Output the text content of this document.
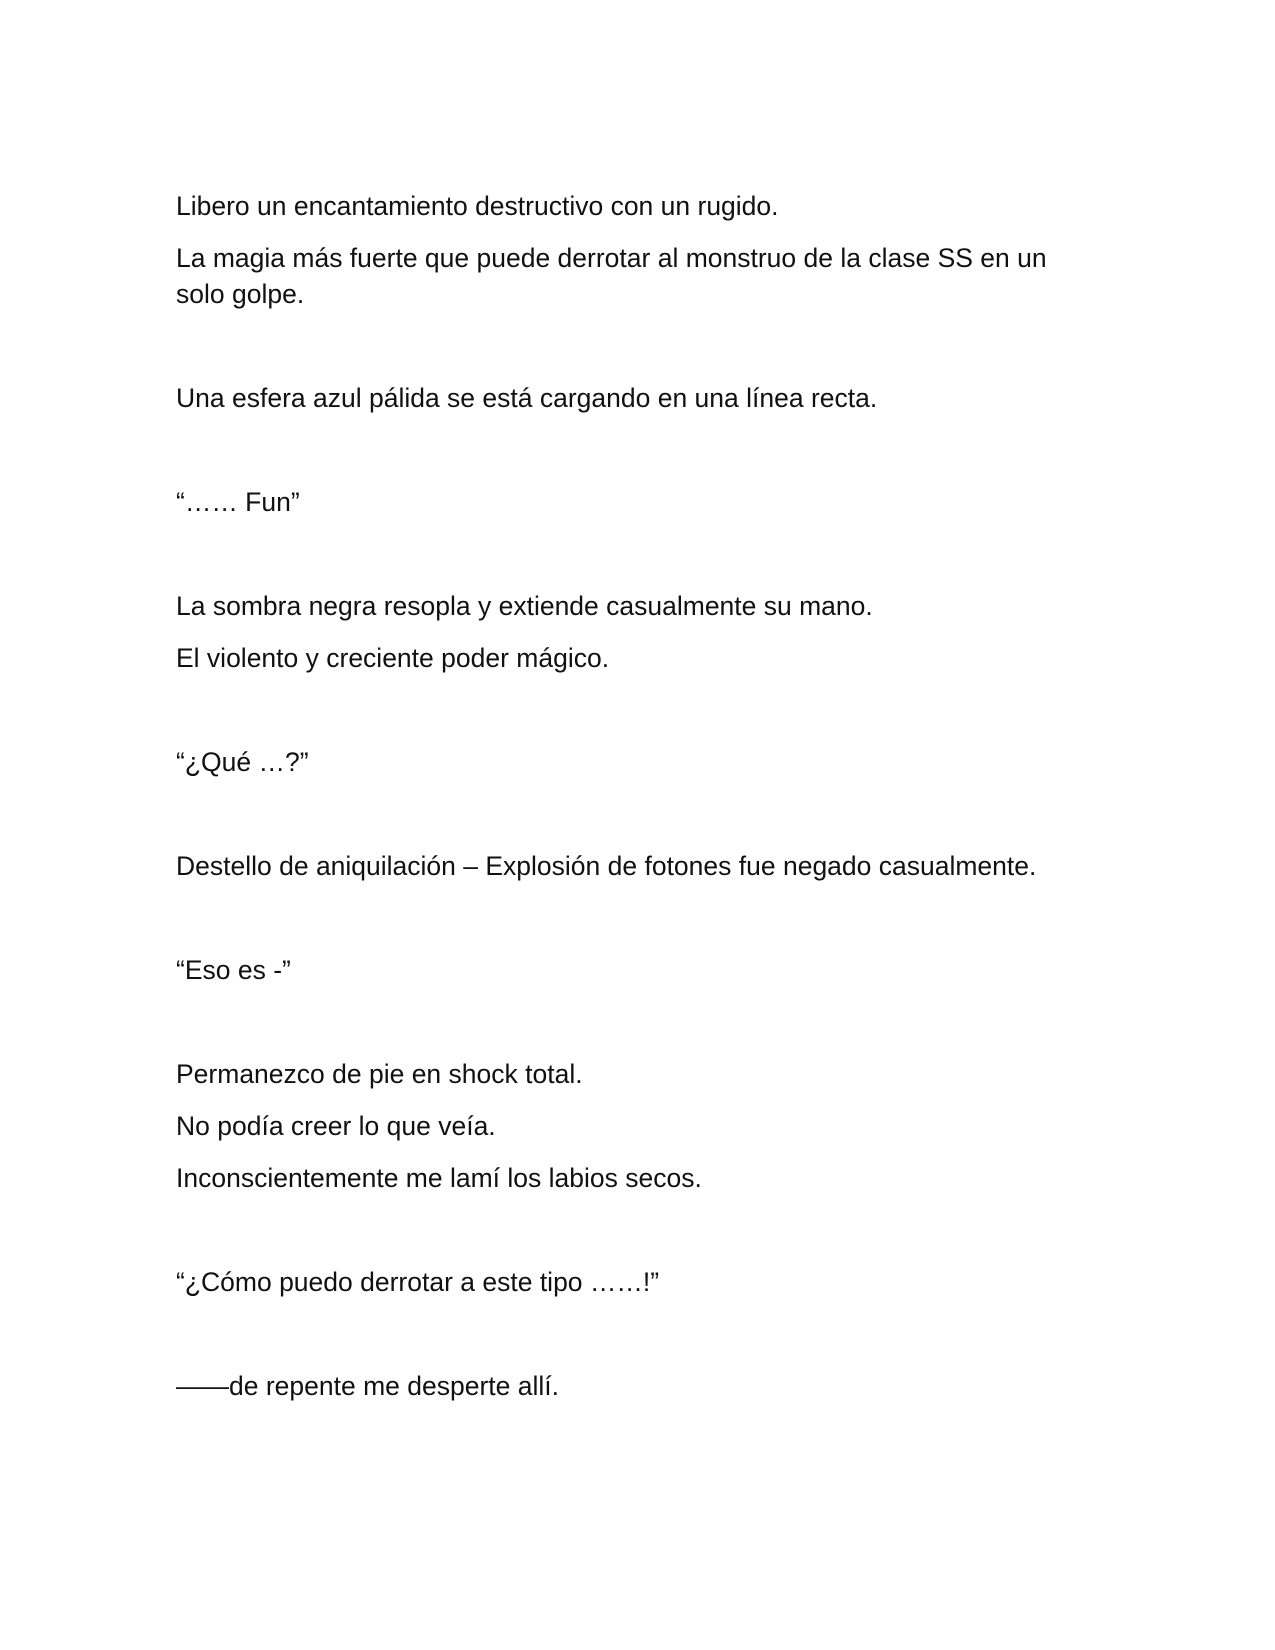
Libero un encantamiento destructivo con un rugido.

La magia más fuerte que puede derrotar al monstruo de la clase SS en un solo golpe.

Una esfera azul pálida se está cargando en una línea recta.

“…… Fun”

La sombra negra resopla y extiende casualmente su mano.

El violento y creciente poder mágico.

“¿Qué …?”

Destello de aniquilación – Explosión de fotones fue negado casualmente.

“Eso es -”

Permanezco de pie en shock total.

No podía creer lo que veía.

Inconscientemente me lamí los labios secos.

“¿Cómo puedo derrotar a este tipo ……!”

——de repente me desperte allí.
